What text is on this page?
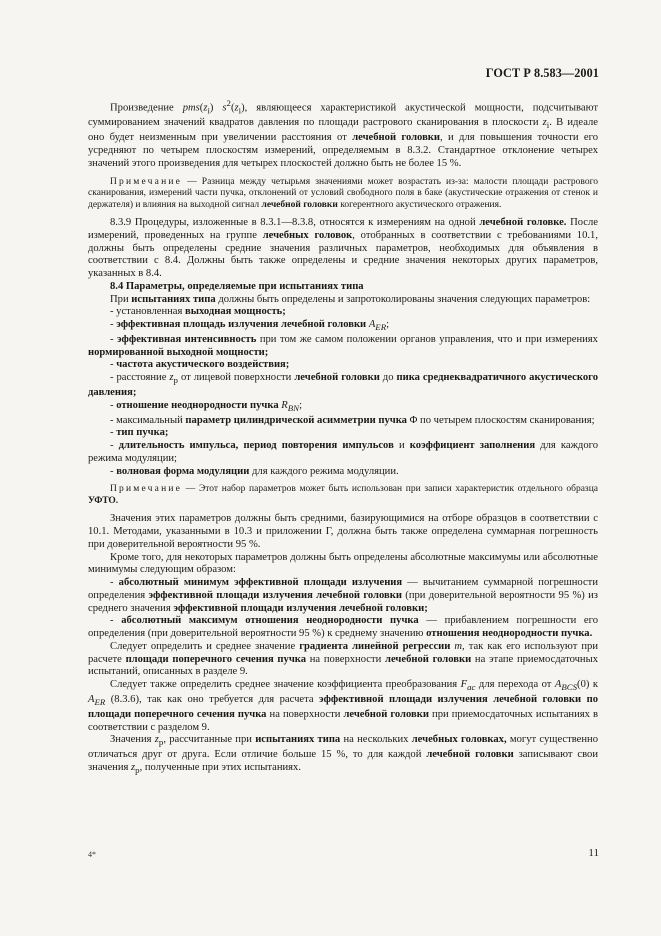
ГОСТ Р 8.583—2001

Произведение $pms(z_i)$ $s^2(z_i)$, являющееся характеристикой акустической мощности, подсчитывают суммированием значений квадратов давления по площади растрового сканирования в плоскости $z_i$. В идеале оно будет неизменным при увеличении расстояния от лечебной головки, и для повышения точности его усредняют по четырем плоскостям измерений, определяемым в 8.3.2. Стандартное отклонение четырех значений этого произведения для четырех плоскостей должно быть не более 15 %.

Примечание — Разница между четырьмя значениями может возрастать из-за: малости площади растрового сканирования, измерений части пучка, отклонений от условий свободного поля в баке (акустические отражения от стенок и держателя) и влияния на выходной сигнал лечебной головки когерентного акустического отражения.

8.3.9 Процедуры, изложенные в 8.3.1—8.3.8, относятся к измерениям на одной лечебной головке. После измерений, проведенных на группе лечебных головок, отобранных в соответствии с требованиями 10.1, должны быть определены средние значения различных параметров, необходимых для объявления в соответствии с 8.4. Должны быть также определены и средние значения некоторых других параметров, указанных в 8.4.

8.4 Параметры, определяемые при испытаниях типа

При испытаниях типа должны быть определены и запротоколированы значения следующих параметров:

- установленная выходная мощность;

- эффективная площадь излучения лечебной головки $A_{ER}$;

- эффективная интенсивность при том же самом положении органов управления, что и при измерениях нормированной выходной мощности;

- частота акустического воздействия;

- расстояние $z_p$ от лицевой поверхности лечебной головки до пика среднеквадратичного акустического давления;

- отношение неоднородности пучка $R_{BN}$;

- максимальный параметр цилиндрической асимметрии пучка Φ по четырем плоскостям сканирования;

- тип пучка;

- длительность импульса, период повторения импульсов и коэффициент заполнения для каждого режима модуляции;

- волновая форма модуляции для каждого режима модуляции.

Примечание — Этот набор параметров может быть использован при записи характеристик отдельного образца УФТО.

Значения этих параметров должны быть средними, базирующимися на отборе образцов в соответствии с 10.1. Методами, указанными в 10.3 и приложении Г, должна быть также определена суммарная погрешность при доверительной вероятности 95 %.

Кроме того, для некоторых параметров должны быть определены абсолютные максимумы или абсолютные минимумы следующим образом:

- абсолютный минимум эффективной площади излучения — вычитанием суммарной погрешности определения эффективной площади излучения лечебной головки (при доверительной вероятности 95 %) из среднего значения эффективной площади излучения лечебной головки;

- абсолютный максимум отношения неоднородности пучка — прибавлением погрешности его определения (при доверительной вероятности 95 %) к среднему значению отношения неоднородности пучка.

Следует определить и среднее значение градиента линейной регрессии m, так как его используют при расчете площади поперечного сечения пучка на поверхности лечебной головки на этапе приемосдаточных испытаний, описанных в разделе 9.

Следует также определить среднее значение коэффициента преобразования $F_{ac}$ для перехода от $A_{BCS}(0)$ к $A_{ER}$ (8.3.6), так как оно требуется для расчета эффективной площади излучения лечебной головки по площади поперечного сечения пучка на поверхности лечебной головки при приемосдаточных испытаниях в соответствии с разделом 9.

Значения $z_p$, рассчитанные при испытаниях типа на нескольких лечебных головках, могут существенно отличаться друг от друга. Если отличие больше 15 %, то для каждой лечебной головки записывают свои значения $z_p$, полученные при этих испытаниях.

4*	11
